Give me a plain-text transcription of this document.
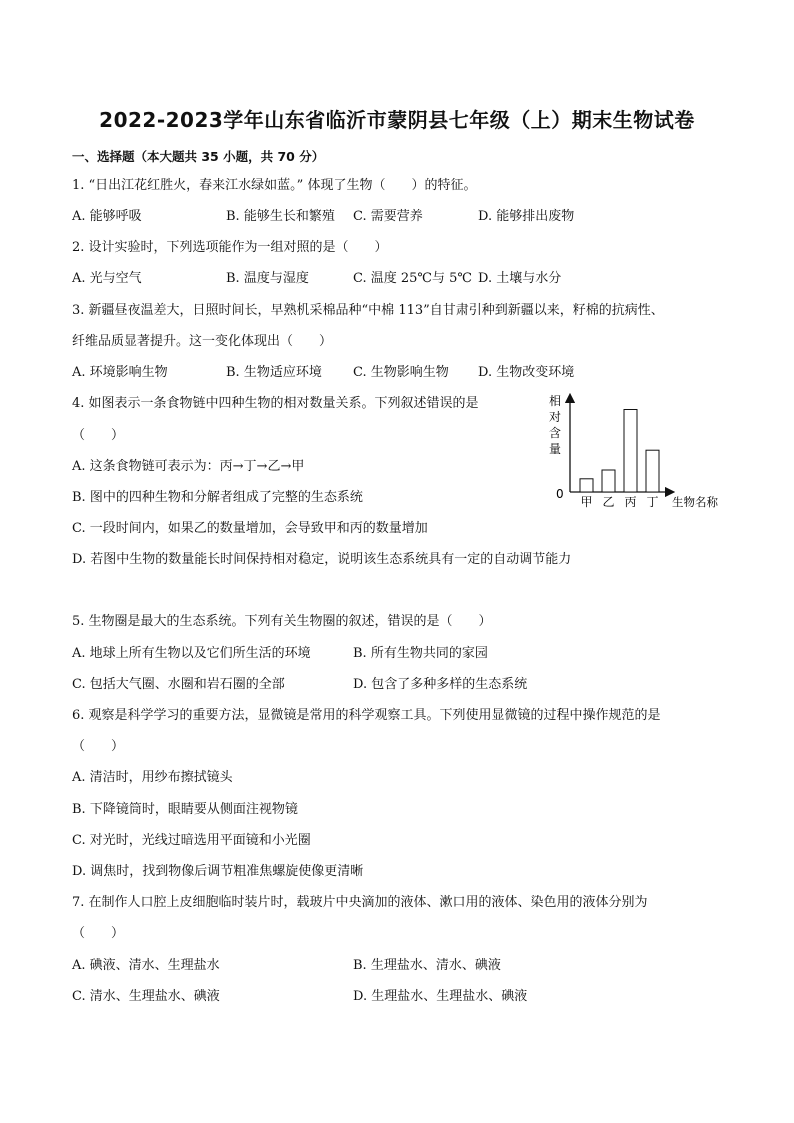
2022-2023学年山东省临沂市蒙阴县七年级（上）期末生物试卷
一、选择题（本大题共 35 小题，共 70 分）
1. “日出江花红胜火，春来江水绿如蓝。” 体现了生物（　　）的特征。
A. 能够呼吸	B. 能够生长和繁殖 C. 需要营养	D. 能够排出废物
2. 设计实验时，下列选项能作为一组对照的是（　　）
A. 光与空气	B. 温度与湿度	C. 温度 25℃与 5℃ D. 土壤与水分
3. 新疆昼夜温差大，日照时间长，早熟机采棉品种“中棉 113”自甘肃引种到新疆以来，籽棉的抗病性、
纤维品质显著提升。这一变化体现出（　　）
A. 环境影响生物	B. 生物适应环境 C. 生物影响生物 D. 生物改变环境
4. 如图表示一条食物链中四种生物的相对数量关系。下列叙述错误的是
（　　）
A. 这条食物链可表示为：丙→丁→乙→甲
B. 图中的四种生物和分解者组成了完整的生态系统
C. 一段时间内，如果乙的数量增加，会导致甲和丙的数量增加
D. 若图中生物的数量能长时间保持相对稳定，说明该生态系统具有一定的自动调节能力
0
相
对
含
量
甲 乙 丙 丁 生物名称
5. 生物圈是最大的生态系统。下列有关生物圈的叙述，错误的是（　　）
A. 地球上所有生物以及它们所生活的环境	B. 所有生物共同的家园
C. 包括大气圈、水圈和岩石圈的全部	D. 包含了多种多样的生态系统
6. 观察是科学学习的重要方法，显微镜是常用的科学观察工具。下列使用显微镜的过程中操作规范的是
（　　）
A. 清洁时，用纱布擦拭镜头
B. 下降镜筒时，眼睛要从侧面注视物镜
C. 对光时，光线过暗选用平面镜和小光圈
D. 调焦时，找到物像后调节粗准焦螺旋使像更清晰
7. 在制作人口腔上皮细胞临时装片时，载玻片中央滴加的液体、漱口用的液体、染色用的液体分别为
（　　）
A. 碘液、清水、生理盐水	B. 生理盐水、清水、碘液
C. 清水、生理盐水、碘液	D. 生理盐水、生理盐水、碘液
